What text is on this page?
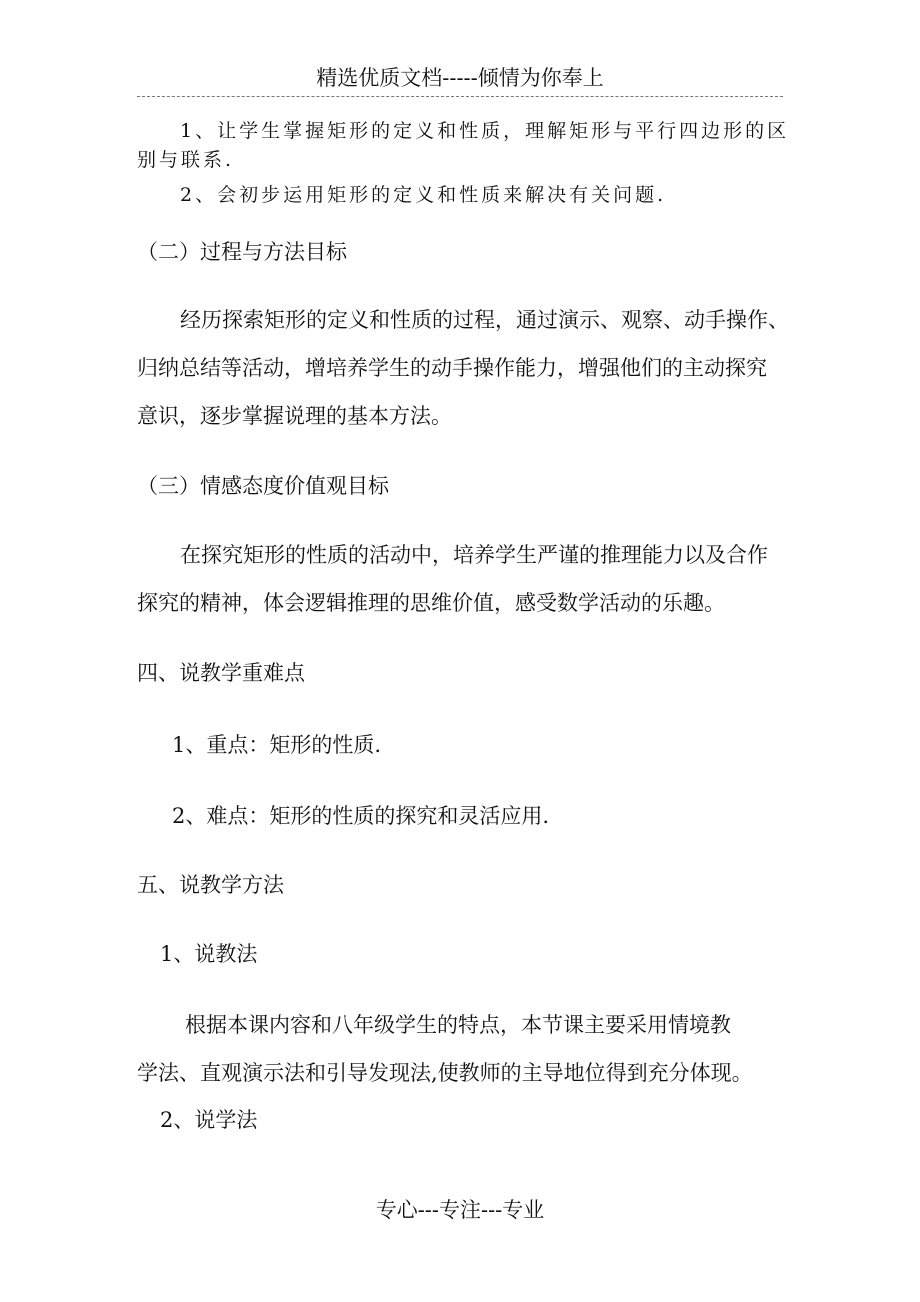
精选优质文档-----倾情为你奉上
1、让学生掌握矩形的定义和性质，理解矩形与平行四边形的区
别与联系.
2、会初步运用矩形的定义和性质来解决有关问题.
（二）过程与方法目标
经历探索矩形的定义和性质的过程，通过演示、观察、动手操作、
归纳总结等活动，增培养学生的动手操作能力，增强他们的主动探究
意识，逐步掌握说理的基本方法。
（三）情感态度价值观目标
在探究矩形的性质的活动中，培养学生严谨的推理能力以及合作
探究的精神，体会逻辑推理的思维价值，感受数学活动的乐趣。
四、说教学重难点
1、重点：矩形的性质.
2、难点：矩形的性质的探究和灵活应用.
五、说教学方法
1、说教法
根据本课内容和八年级学生的特点，本节课主要采用情境教
学法、直观演示法和引导发现法,使教师的主导地位得到充分体现。
2、说学法
专心---专注---专业
